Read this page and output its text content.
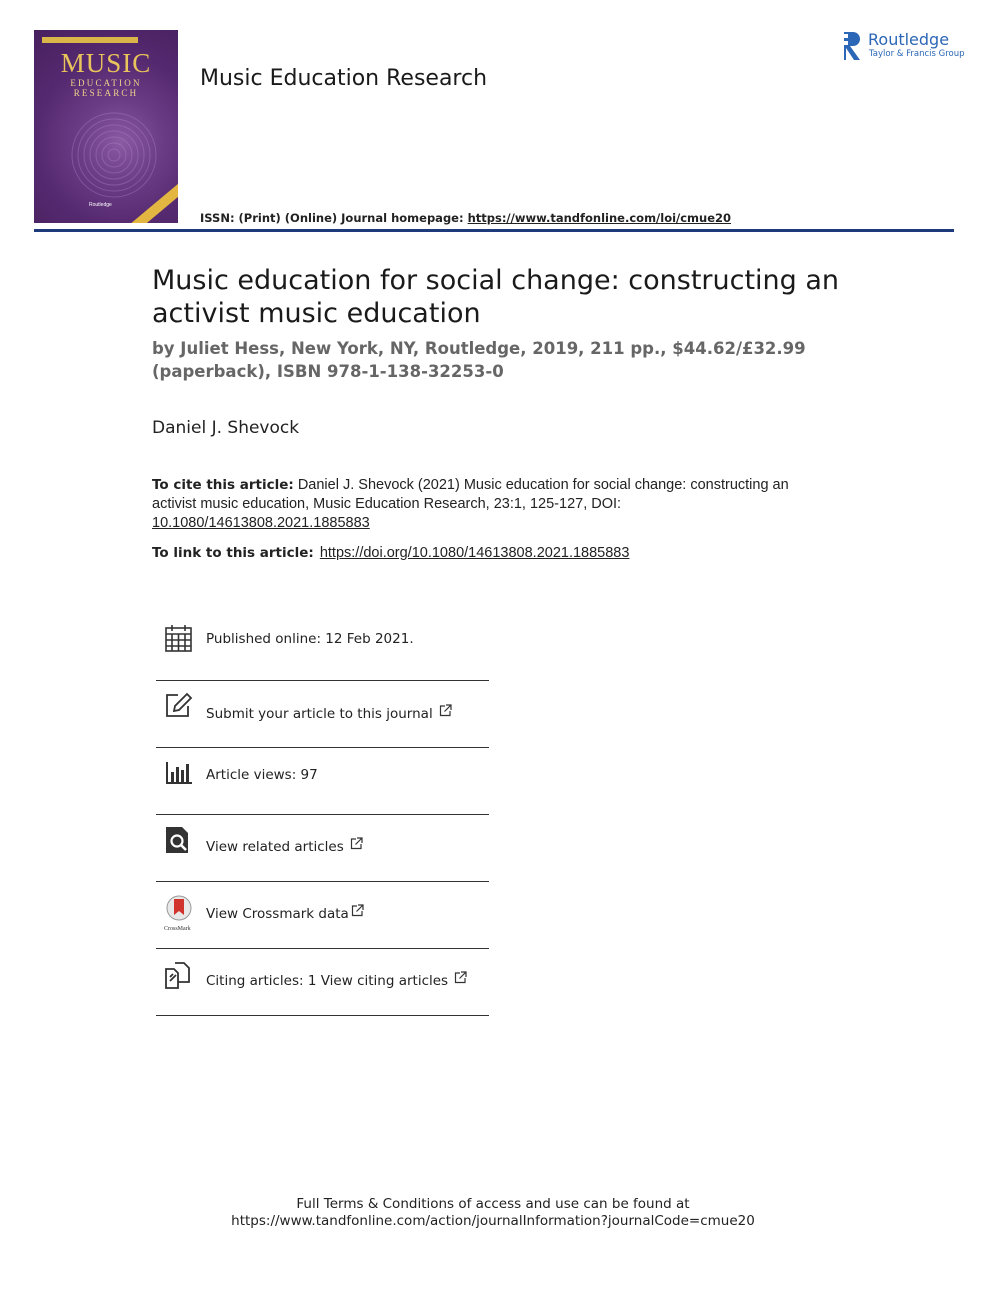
MUSIC
EDUCATION
RESEARCH
Routledge
Music Education Research
Routledge
Taylor & Francis Group
ISSN: (Print) (Online) Journal homepage: https://www.tandfonline.com/loi/cmue20
Music education for social change: constructing an activist music education
by Juliet Hess, New York, NY, Routledge, 2019, 211 pp., $44.62/£32.99 (paperback), ISBN 978-1-138-32253-0
Daniel J. Shevock
To cite this article: Daniel J. Shevock (2021) Music education for social change: constructing an activist music education, Music Education Research, 23:1, 125-127, DOI: 10.1080/14613808.2021.1885883
To link to this article: https://doi.org/10.1080/14613808.2021.1885883
Published online: 12 Feb 2021.
Submit your article to this journal
Article views: 97
View related articles
CrossMark
View Crossmark data
Citing articles: 1 View citing articles
Full Terms & Conditions of access and use can be found at
https://www.tandfonline.com/action/journalInformation?journalCode=cmue20
